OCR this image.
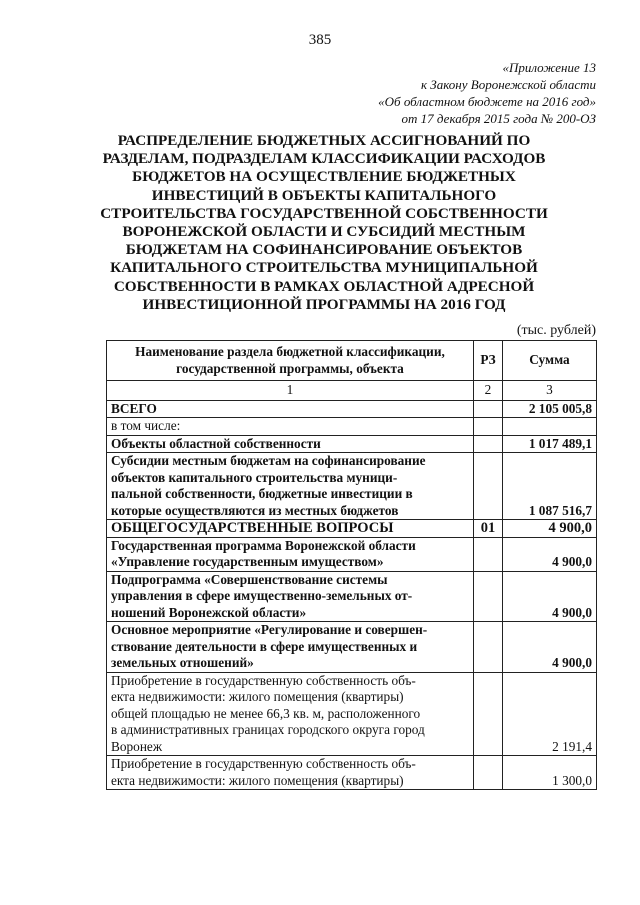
385
«Приложение 13
к Закону Воронежской области
«Об областном бюджете на 2016 год»
от 17 декабря 2015 года № 200-ОЗ
РАСПРЕДЕЛЕНИЕ БЮДЖЕТНЫХ АССИГНОВАНИЙ ПО
РАЗДЕЛАМ, ПОДРАЗДЕЛАМ КЛАССИФИКАЦИИ РАСХОДОВ
БЮДЖЕТОВ НА ОСУЩЕСТВЛЕНИЕ БЮДЖЕТНЫХ
ИНВЕСТИЦИЙ В ОБЪЕКТЫ КАПИТАЛЬНОГО
СТРОИТЕЛЬСТВА ГОСУДАРСТВЕННОЙ СОБСТВЕННОСТИ
ВОРОНЕЖСКОЙ ОБЛАСТИ И СУБСИДИЙ МЕСТНЫМ
БЮДЖЕТАМ НА СОФИНАНСИРОВАНИЕ ОБЪЕКТОВ
КАПИТАЛЬНОГО СТРОИТЕЛЬСТВА МУНИЦИПАЛЬНОЙ
СОБСТВЕННОСТИ В РАМКАХ ОБЛАСТНОЙ АДРЕСНОЙ
ИНВЕСТИЦИОННОЙ ПРОГРАММЫ НА 2016 ГОД
(тыс. рублей)
Наименование раздела бюджетной классификации,
государственной программы, объекта	РЗ	Сумма
1	2	3

ВСЕГО		2 105 005,8

в том числе:		

Объекты областной собственности		1 017 489,1

Субсидии местным бюджетам на софинансирование
объектов капитального строительства муници-
пальной собственности, бюджетные инвестиции в
которые осуществляются из местных бюджетов		1 087 516,7

ОБЩЕГОСУДАРСТВЕННЫЕ ВОПРОСЫ	01	4 900,0

Государственная программа Воронежской области
«Управление государственным имуществом»		4 900,0

Подпрограмма «Совершенствование системы
управления в сфере имущественно-земельных от-
ношений Воронежской области»		4 900,0

Основное мероприятие «Регулирование и совершен-
ствование деятельности в сфере имущественных и
земельных отношений»		4 900,0

Приобретение в государственную собственность объ-
екта недвижимости: жилого помещения (квартиры)
общей площадью не менее 66,3 кв. м, расположенного
в административных границах городского округа город
Воронеж		2 191,4

Приобретение в государственную собственность объ-
екта недвижимости: жилого помещения (квартиры)		1 300,0
